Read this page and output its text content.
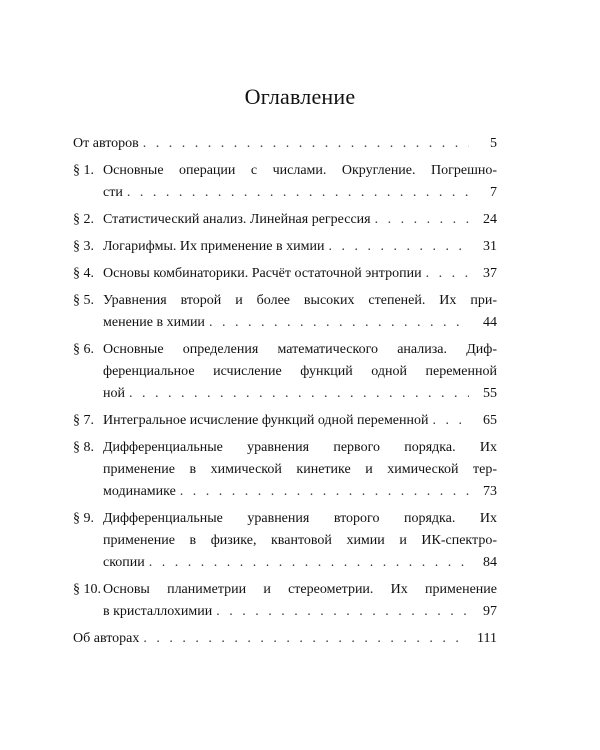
Оглавление
От авторов . . .	5
§ 1. Основные операции с числами. Округление. Погрешно-
сти . . .	7
§ 2. Статистический анализ. Линейная регрессия . . .	24
§ 3. Логарифмы. Их применение в химии . . .	31
§ 4. Основы комбинаторики. Расчёт остаточной энтропии . . .	37
§ 5. Уравнения второй и более высоких степеней. Их при-
менение в химии . . .	44
§ 6. Основные определения математического анализа. Диф-
ференциальное исчисление функций одной переменной
ной . . .	55
§ 7. Интегральное исчисление функций одной переменной . . .	65
§ 8. Дифференциальные уравнения первого порядка. Их
применение в химической кинетике и химической тер-
модинамике . . .	73
§ 9. Дифференциальные уравнения второго порядка. Их
применение в физике, квантовой химии и ИК-спектро-
скопии . . .	84
§ 10. Основы планиметрии и стереометрии. Их применение
в кристаллохимии . . .	97
Об авторах . . .	111
